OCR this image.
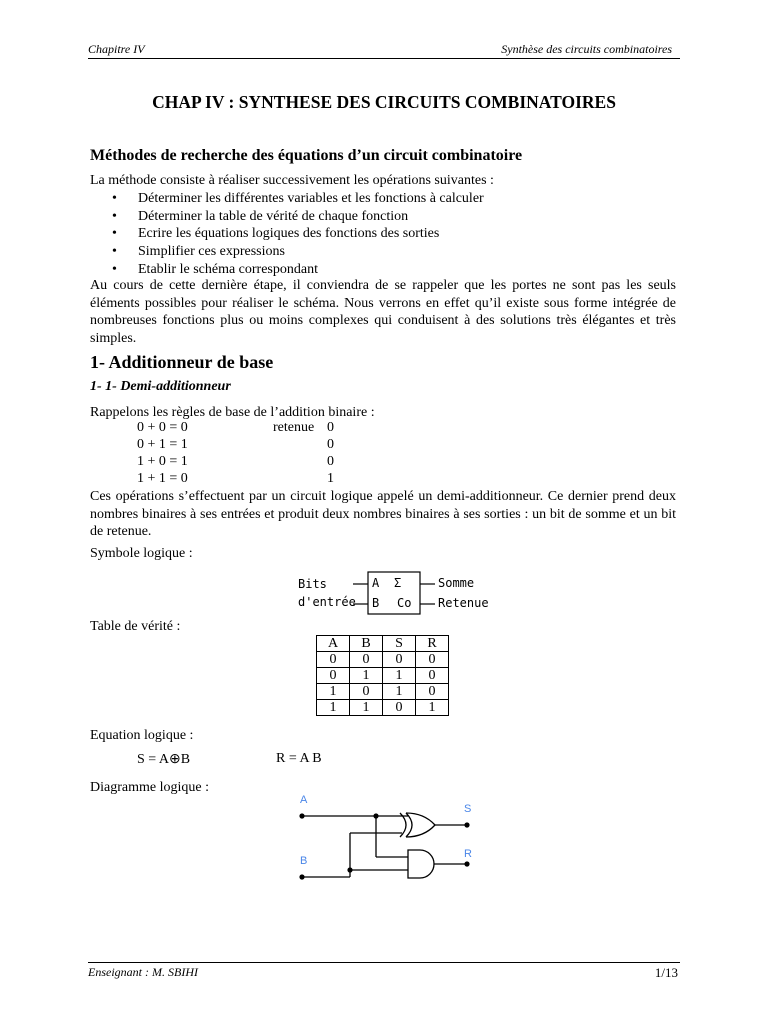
Chapitre IV	Synthèse des circuits combinatoires
CHAP IV : SYNTHESE DES CIRCUITS COMBINATOIRES
Méthodes de recherche des équations d’un circuit combinatoire
La méthode consiste à réaliser successivement les opérations suivantes :
• Déterminer les différentes variables et les fonctions à calculer
• Déterminer la table de vérité de chaque fonction
• Ecrire les équations logiques des fonctions des sorties
• Simplifier ces expressions
• Etablir le schéma correspondant
Au cours de cette dernière étape, il conviendra de se rappeler que les portes ne sont pas les seuls éléments possibles pour réaliser le schéma. Nous verrons en effet qu’il existe sous forme intégrée de nombreuses fonctions plus ou moins complexes qui conduisent à des solutions très élégantes et très simples.
1- Additionneur de base
1- 1- Demi-additionneur
Rappelons les règles de base de l’addition binaire :
0 + 0 = 0	retenue 0
0 + 1 = 1	0
1 + 0 = 1	0
1 + 1 = 0	1
Ces opérations s’effectuent par un circuit logique appelé un demi-additionneur. Ce dernier prend deux nombres binaires à ses entrées et produit deux nombres binaires à ses sorties : un bit de somme et un bit de retenue.
Symbole logique :
Bits
d'entrée
A
B
Σ
Co
Somme
Retenue
Table de vérité :
A	B	S	R
0	0	0	0
0	1	1	0
1	0	1	0
1	1	0	1
Equation logique :
S = A⊕B	R = A B
Diagramme logique :
A
B
S
R
Enseignant : M. SBIHI	1/13
